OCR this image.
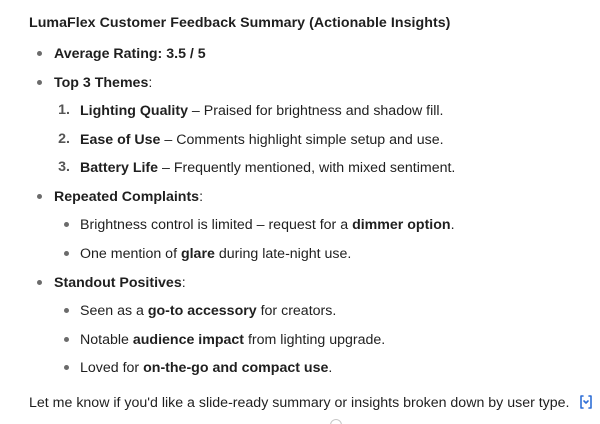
LumaFlex Customer Feedback Summary (Actionable Insights)
Average Rating: 3.5 / 5
Top 3 Themes:
1. Lighting Quality – Praised for brightness and shadow fill.
2. Ease of Use – Comments highlight simple setup and use.
3. Battery Life – Frequently mentioned, with mixed sentiment.
Repeated Complaints:
Brightness control is limited – request for a dimmer option.
One mention of glare during late-night use.
Standout Positives:
Seen as a go-to accessory for creators.
Notable audience impact from lighting upgrade.
Loved for on-the-go and compact use.
Let me know if you'd like a slide-ready summary or insights broken down by user type.
